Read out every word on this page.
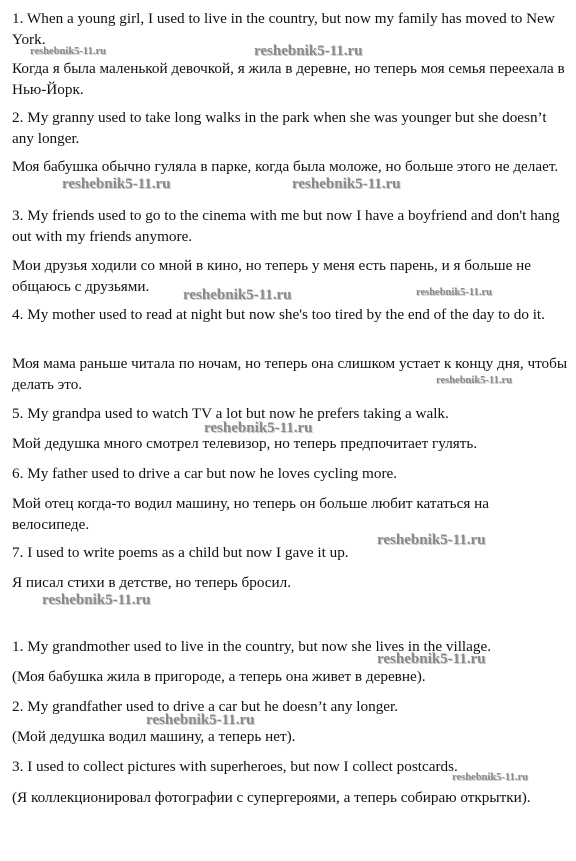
1. When a young girl, I used to live in the country, but now my family has moved to New York.

Когда я была маленькой девочкой, я жила в деревне, но теперь моя семья переехала в Нью-Йорк.

2. My granny used to take long walks in the park when she was younger but she doesn’t any longer.

Моя бабушка обычно гуляла в парке, когда была моложе, но больше этого не делает.

3. My friends used to go to the cinema with me but now I have a boyfriend and don't hang out with my friends anymore.

Мои друзья ходили со мной в кино, но теперь у меня есть парень, и я больше не общаюсь с друзьями.

4. My mother used to read at night but now she's too tired by the end of the day to do it.

Моя мама раньше читала по ночам, но теперь она слишком устает к концу дня, чтобы делать это.

5. My grandpa used to watch TV a lot but now he prefers taking a walk.

Мой дедушка много смотрел телевизор, но теперь предпочитает гулять.

6. My father used to drive a car but now he loves cycling more.

Мой отец когда-то водил машину, но теперь он больше любит кататься на велосипеде.

7. I used to write poems as a child but now I gave it up.

Я писал стихи в детстве, но теперь бросил.

1. My grandmother used to live in the country, but now she lives in the village.

(Моя бабушка жила в пригороде, а теперь она живет в деревне).

2. My grandfather used to drive a car but he doesn’t any longer.

(Мой дедушка водил машину, а теперь нет).

3. I used to collect pictures with superheroes, but now I collect postcards.

(Я коллекционировал фотографии с супергероями, а теперь собираю открытки).

reshebnik5-11.ru	reshebnik5-11.ru
reshebnik5-11.ru	reshebnik5-11.ru
reshebnik5-11.ru	reshebnik5-11.ru
reshebnik5-11.ru
reshebnik5-11.ru
reshebnik5-11.ru
reshebnik5-11.ru
reshebnik5-11.ru
reshebnik5-11.ru
reshebnik5-11.ru
